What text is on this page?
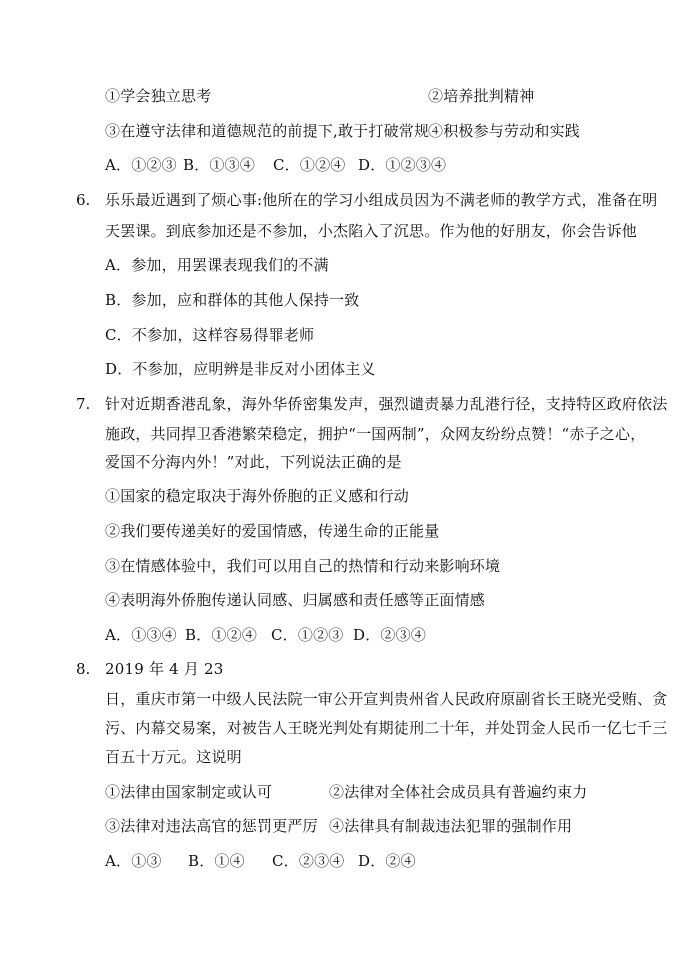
①学会独立思考	②培养批判精神
③在遵守法律和道德规范的前提下,敢于打破常规
④积极参与劳动和实践
A．①②③ B．①③④ C．①②④ D．①②③④
6. 乐乐最近遇到了烦心事:他所在的学习小组成员因为不满老师的教学方式，准备在明
天罢课。到底参加还是不参加，小杰陷入了沉思。作为他的好朋友，你会告诉他
A．参加，用罢课表现我们的不满
B．参加，应和群体的其他人保持一致
C．不参加，这样容易得罪老师
D．不参加，应明辨是非反对小团体主义
7. 针对近期香港乱象，海外华侨密集发声，强烈谴责暴力乱港行径，支持特区政府依法
施政，共同捍卫香港繁荣稳定，拥护“一国两制”，众网友纷纷点赞！“赤子之心，
爱国不分海内外！”对此，下列说法正确的是
①国家的稳定取决于海外侨胞的正义感和行动
②我们要传递美好的爱国情感，传递生命的正能量
③在情感体验中，我们可以用自己的热情和行动来影响环境
④表明海外侨胞传递认同感、归属感和责任感等正面情感
A．①③④ B．①②④ C．①②③ D．②③④
8. 2019 年 4 月 23
日，重庆市第一中级人民法院一审公开宣判贵州省人民政府原副省长王晓光受贿、贪
污、内幕交易案，对被告人王晓光判处有期徒刑二十年，并处罚金人民币一亿七千三
百五十万元。这说明
①法律由国家制定或认可	②法律对全体社会成员具有普遍约束力
③法律对违法高官的惩罚更严厉 ④法律具有制裁违法犯罪的强制作用
A．①③ B．①④ C．②③④ D．②④
